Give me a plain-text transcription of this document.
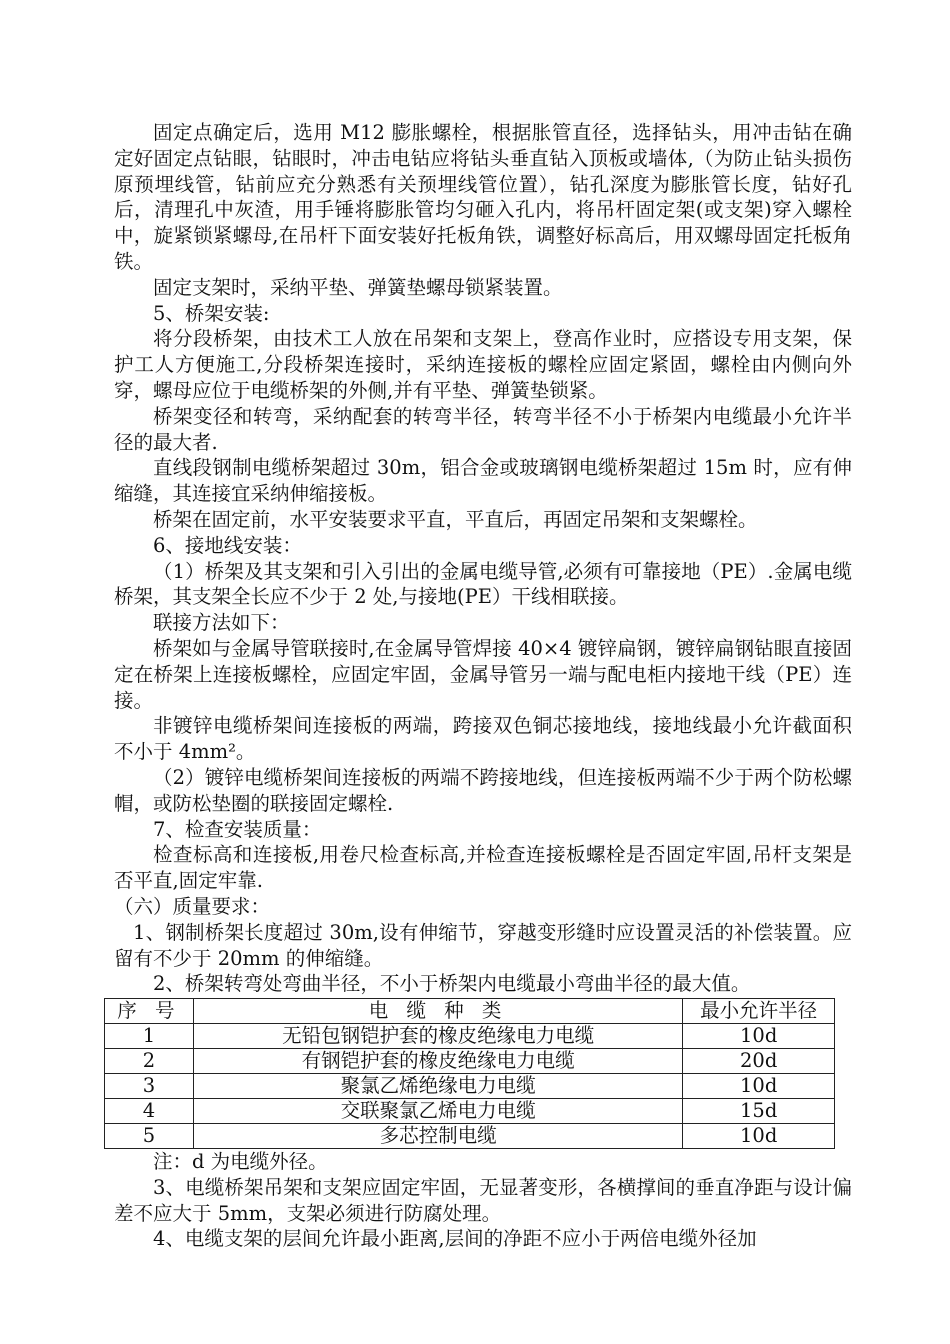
固定点确定后，选用 M12 膨胀螺栓，根据胀管直径，选择钻头，用冲击钻在确定好固定点钻眼，钻眼时，冲击电钻应将钻头垂直钻入顶板或墙体,（为防止钻头损伤原预埋线管，钻前应充分熟悉有关预埋线管位置），钻孔深度为膨胀管长度，钻好孔后，清理孔中灰渣，用手锤将膨胀管均匀砸入孔内，将吊杆固定架(或支架)穿入螺栓中，旋紧锁紧螺母,在吊杆下面安装好托板角铁，调整好标高后，用双螺母固定托板角铁。

固定支架时，采纳平垫、弹簧垫螺母锁紧装置。

5、桥架安装:

将分段桥架，由技术工人放在吊架和支架上，登高作业时，应搭设专用支架，保护工人方便施工,分段桥架连接时，采纳连接板的螺栓应固定紧固，螺栓由内侧向外穿，螺母应位于电缆桥架的外侧,并有平垫、弹簧垫锁紧。

桥架变径和转弯，采纳配套的转弯半径，转弯半径不小于桥架内电缆最小允许半径的最大者.

直线段钢制电缆桥架超过 30m，铝合金或玻璃钢电缆桥架超过 15m 时，应有伸缩缝，其连接宜采纳伸缩接板。

桥架在固定前，水平安装要求平直，平直后，再固定吊架和支架螺栓。

6、接地线安装：

（1）桥架及其支架和引入引出的金属电缆导管,必须有可靠接地（PE）.金属电缆桥架，其支架全长应不少于 2 处,与接地(PE）干线相联接。

联接方法如下：

桥架如与金属导管联接时,在金属导管焊接 40×4 镀锌扁钢，镀锌扁钢钻眼直接固定在桥架上连接板螺栓，应固定牢固，金属导管另一端与配电柜内接地干线（PE）连接。

非镀锌电缆桥架间连接板的两端，跨接双色铜芯接地线，接地线最小允许截面积不小于 4mm²。

（2）镀锌电缆桥架间连接板的两端不跨接地线，但连接板两端不少于两个防松螺帽，或防松垫圈的联接固定螺栓.

7、检查安装质量：

检查标高和连接板,用卷尺检查标高,并检查连接板螺栓是否固定牢固,吊杆支架是否平直,固定牢靠.

（六）质量要求：

1、钢制桥架长度超过 30m,设有伸缩节，穿越变形缝时应设置灵活的补偿装置。应留有不少于 20mm 的伸缩缝。

2、桥架转弯处弯曲半径，不小于桥架内电缆最小弯曲半径的最大值。

序 号	电 缆 种 类	最小允许半径
1	无铅包钢铠护套的橡皮绝缘电力电缆	10d
2	有钢铠护套的橡皮绝缘电力电缆	20d
3	聚氯乙烯绝缘电力电缆	10d
4	交联聚氯乙烯电力电缆	15d
5	多芯控制电缆	10d

注：d 为电缆外径。

3、电缆桥架吊架和支架应固定牢固，无显著变形，各横撑间的垂直净距与设计偏差不应大于 5mm，支架必须进行防腐处理。

4、电缆支架的层间允许最小距离,层间的净距不应小于两倍电缆外径加
